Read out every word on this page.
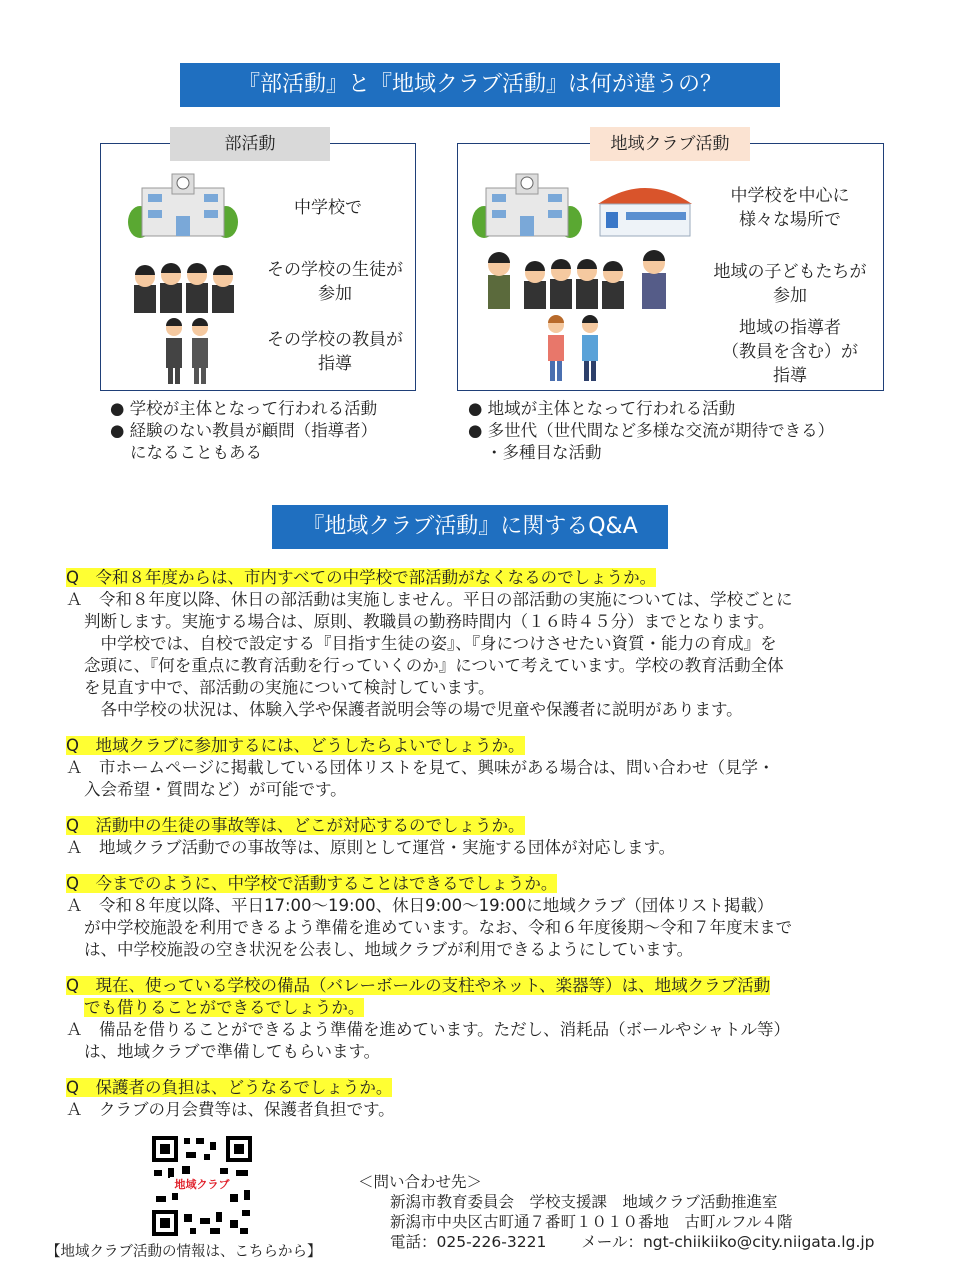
『部活動』と『地域クラブ活動』は何が違うの？
部活動
中学校で
その学校の生徒が
参加
その学校の教員が
指導
● 学校が主体となって行われる活動
● 経験のない教員が顧問（指導者）
になることもある
地域クラブ活動
中学校を中心に
様々な場所で
地域の子どもたちが
参加
地域の指導者
（教員を含む）が
指導
● 地域が主体となって行われる活動
● 多世代（世代間など多様な交流が期待できる）
・多種目な活動
『地域クラブ活動』に関するQ&A
Q　令和８年度からは、市内すべての中学校で部活動がなくなるのでしょうか。
Ａ　令和８年度以降、休日の部活動は実施しません。平日の部活動の実施については、学校ごとに
判断します。実施する場合は、原則、教職員の勤務時間内（１６時４５分）までとなります。
　中学校では、自校で設定する『目指す生徒の姿』、『身につけさせたい資質・能力の育成』を
念頭に、『何を重点に教育活動を行っていくのか』について考えています。学校の教育活動全体
を見直す中で、部活動の実施について検討しています。
　各中学校の状況は、体験入学や保護者説明会等の場で児童や保護者に説明があります。
Q　地域クラブに参加するには、どうしたらよいでしょうか。
Ａ　市ホームページに掲載している団体リストを見て、興味がある場合は、問い合わせ（見学・
入会希望・質問など）が可能です。
Q　活動中の生徒の事故等は、どこが対応するのでしょうか。
Ａ　地域クラブ活動での事故等は、原則として運営・実施する団体が対応します。
Q　今までのように、中学校で活動することはできるでしょうか。
Ａ　令和８年度以降、平日17:00～19:00、休日9:00～19:00に地域クラブ（団体リスト掲載）
が中学校施設を利用できるよう準備を進めています。なお、令和６年度後期～令和７年度末まで
は、中学校施設の空き状況を公表し、地域クラブが利用できるようにしています。
Q　現在、使っている学校の備品（バレーボールの支柱やネット、楽器等）は、地域クラブ活動
でも借りることができるでしょうか。
Ａ　備品を借りることができるよう準備を進めています。ただし、消耗品（ボールやシャトル等）
は、地域クラブで準備してもらいます。
Q　保護者の負担は、どうなるでしょうか。
Ａ　クラブの月会費等は、保護者負担です。
地域クラブ
【地域クラブ活動の情報は、こちらから】
＜問い合わせ先＞
新潟市教育委員会　学校支援課　地域クラブ活動推進室
新潟市中央区古町通７番町１０１０番地　古町ルフル４階
電話：025-226-3221 メール：ngt-chiikiiko@city.niigata.lg.jp
